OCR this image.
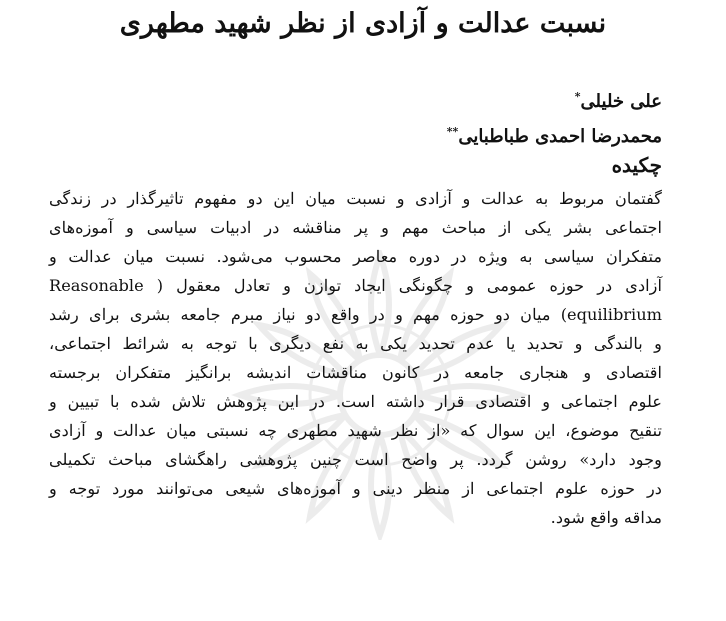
نسبت عدالت و آزادی از نظر شهید مطهری
علی خلیلی*
محمدرضا احمدی طباطبایی**
چکیده
گفتمان مربوط به عدالت و آزادی و نسبت میان این دو مفهوم تاثیرگذار در زندگی
اجتماعی بشر یکی از مباحث مهم و پر مناقشه در ادبیات سیاسی و آموزه‌های
متفکران سیاسی به ویژه در دوره معاصر محسوب می‌شود. نسبت میان عدالت و
آزادی در حوزه عمومی و چگونگی ایجاد توازن و تعادل معقول ( Reasonable
equilibrium) میان دو حوزه مهم و در واقع دو نیاز مبرم جامعه بشری برای رشد
و بالندگی و تحدید یا عدم تحدید یکی به نفع دیگری با توجه به شرائط اجتماعی،
اقتصادی و هنجاری جامعه در کانون مناقشات اندیشه برانگیز متفکران برجسته
علوم اجتماعی و اقتصادی قرار داشته است. در این پژوهش تلاش شده با تبیین و
تنقیح موضوع، این سوال که «از نظر شهید مطهری چه نسبتی میان عدالت و آزادی
وجود دارد» روشن گردد. پر واضح است چنین پژوهشی راهگشای مباحث تکمیلی
در حوزه علوم اجتماعی از منظر دینی و آموزه‌های شیعی می‌توانند مورد توجه و
مداقه واقع شود.
